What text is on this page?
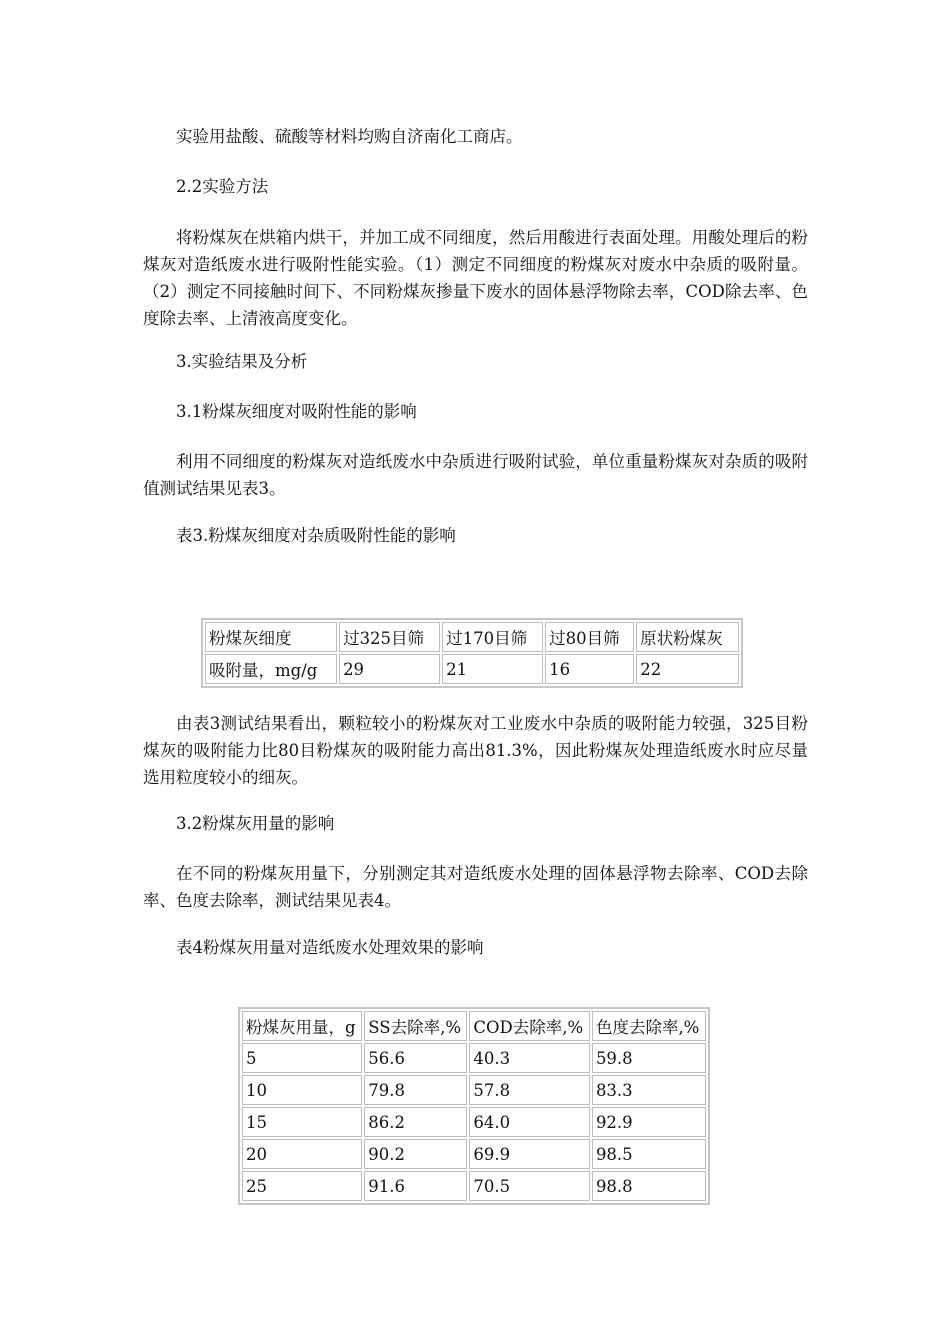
实验用盐酸、硫酸等材料均购自济南化工商店。

2.2实验方法

将粉煤灰在烘箱内烘干，并加工成不同细度，然后用酸进行表面处理。用酸处理后的粉煤灰对造纸废水进行吸附性能实验。（1）测定不同细度的粉煤灰对废水中杂质的吸附量。（2）测定不同接触时间下、不同粉煤灰掺量下废水的固体悬浮物除去率，COD除去率、色度除去率、上清液高度变化。

3.实验结果及分析

3.1粉煤灰细度对吸附性能的影响

利用不同细度的粉煤灰对造纸废水中杂质进行吸附试验，单位重量粉煤灰对杂质的吸附值测试结果见表3。

表3.粉煤灰细度对杂质吸附性能的影响

粉煤灰细度	过325目筛	过170目筛	过80目筛	原状粉煤灰
吸附量，mg/g	29	21	16	22

由表3测试结果看出，颗粒较小的粉煤灰对工业废水中杂质的吸附能力较强，325目粉煤灰的吸附能力比80目粉煤灰的吸附能力高出81.3%，因此粉煤灰处理造纸废水时应尽量选用粒度较小的细灰。

3.2粉煤灰用量的影响

在不同的粉煤灰用量下，分别测定其对造纸废水处理的固体悬浮物去除率、COD去除率、色度去除率，测试结果见表4。

表4粉煤灰用量对造纸废水处理效果的影响

粉煤灰用量，g	SS去除率,%	COD去除率,%	色度去除率,%
5	56.6	40.3	59.8
10	79.8	57.8	83.3
15	86.2	64.0	92.9
20	90.2	69.9	98.5
25	91.6	70.5	98.8
